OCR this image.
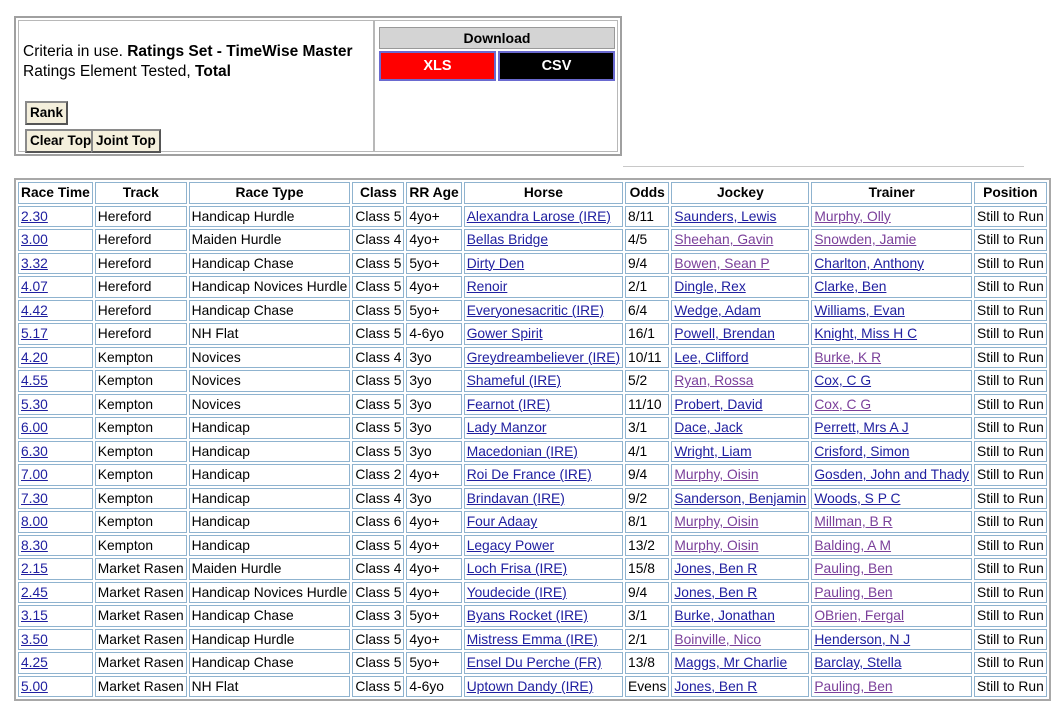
Criteria in use. Ratings Set - TimeWise Master
Ratings Element Tested, Total
Rank
Clear Top Joint Top
Download
XLS	CSV
Race Time	Track	Race Type	Class	RR Age	Horse	Odds	Jockey	Trainer	Position
2.30	Hereford	Handicap Hurdle	Class 5	4yo+	Alexandra Larose (IRE)	8/11	Saunders, Lewis	Murphy, Olly	Still to Run
3.00	Hereford	Maiden Hurdle	Class 4	4yo+	Bellas Bridge	4/5	Sheehan, Gavin	Snowden, Jamie	Still to Run
3.32	Hereford	Handicap Chase	Class 5	5yo+	Dirty Den	9/4	Bowen, Sean P	Charlton, Anthony	Still to Run
4.07	Hereford	Handicap Novices Hurdle	Class 5	4yo+	Renoir	2/1	Dingle, Rex	Clarke, Ben	Still to Run
4.42	Hereford	Handicap Chase	Class 5	5yo+	Everyonesacritic (IRE)	6/4	Wedge, Adam	Williams, Evan	Still to Run
5.17	Hereford	NH Flat	Class 5	4-6yo	Gower Spirit	16/1	Powell, Brendan	Knight, Miss H C	Still to Run
4.20	Kempton	Novices	Class 4	3yo	Greydreambeliever (IRE)	10/11	Lee, Clifford	Burke, K R	Still to Run
4.55	Kempton	Novices	Class 5	3yo	Shameful (IRE)	5/2	Ryan, Rossa	Cox, C G	Still to Run
5.30	Kempton	Novices	Class 5	3yo	Fearnot (IRE)	11/10	Probert, David	Cox, C G	Still to Run
6.00	Kempton	Handicap	Class 5	3yo	Lady Manzor	3/1	Dace, Jack	Perrett, Mrs A J	Still to Run
6.30	Kempton	Handicap	Class 5	3yo	Macedonian (IRE)	4/1	Wright, Liam	Crisford, Simon	Still to Run
7.00	Kempton	Handicap	Class 2	4yo+	Roi De France (IRE)	9/4	Murphy, Oisin	Gosden, John and Thady	Still to Run
7.30	Kempton	Handicap	Class 4	3yo	Brindavan (IRE)	9/2	Sanderson, Benjamin	Woods, S P C	Still to Run
8.00	Kempton	Handicap	Class 6	4yo+	Four Adaay	8/1	Murphy, Oisin	Millman, B R	Still to Run
8.30	Kempton	Handicap	Class 5	4yo+	Legacy Power	13/2	Murphy, Oisin	Balding, A M	Still to Run
2.15	Market Rasen	Maiden Hurdle	Class 4	4yo+	Loch Frisa (IRE)	15/8	Jones, Ben R	Pauling, Ben	Still to Run
2.45	Market Rasen	Handicap Novices Hurdle	Class 5	4yo+	Youdecide (IRE)	9/4	Jones, Ben R	Pauling, Ben	Still to Run
3.15	Market Rasen	Handicap Chase	Class 3	5yo+	Byans Rocket (IRE)	3/1	Burke, Jonathan	OBrien, Fergal	Still to Run
3.50	Market Rasen	Handicap Hurdle	Class 5	4yo+	Mistress Emma (IRE)	2/1	Boinville, Nico	Henderson, N J	Still to Run
4.25	Market Rasen	Handicap Chase	Class 5	5yo+	Ensel Du Perche (FR)	13/8	Maggs, Mr Charlie	Barclay, Stella	Still to Run
5.00	Market Rasen	NH Flat	Class 5	4-6yo	Uptown Dandy (IRE)	Evens	Jones, Ben R	Pauling, Ben	Still to Run
